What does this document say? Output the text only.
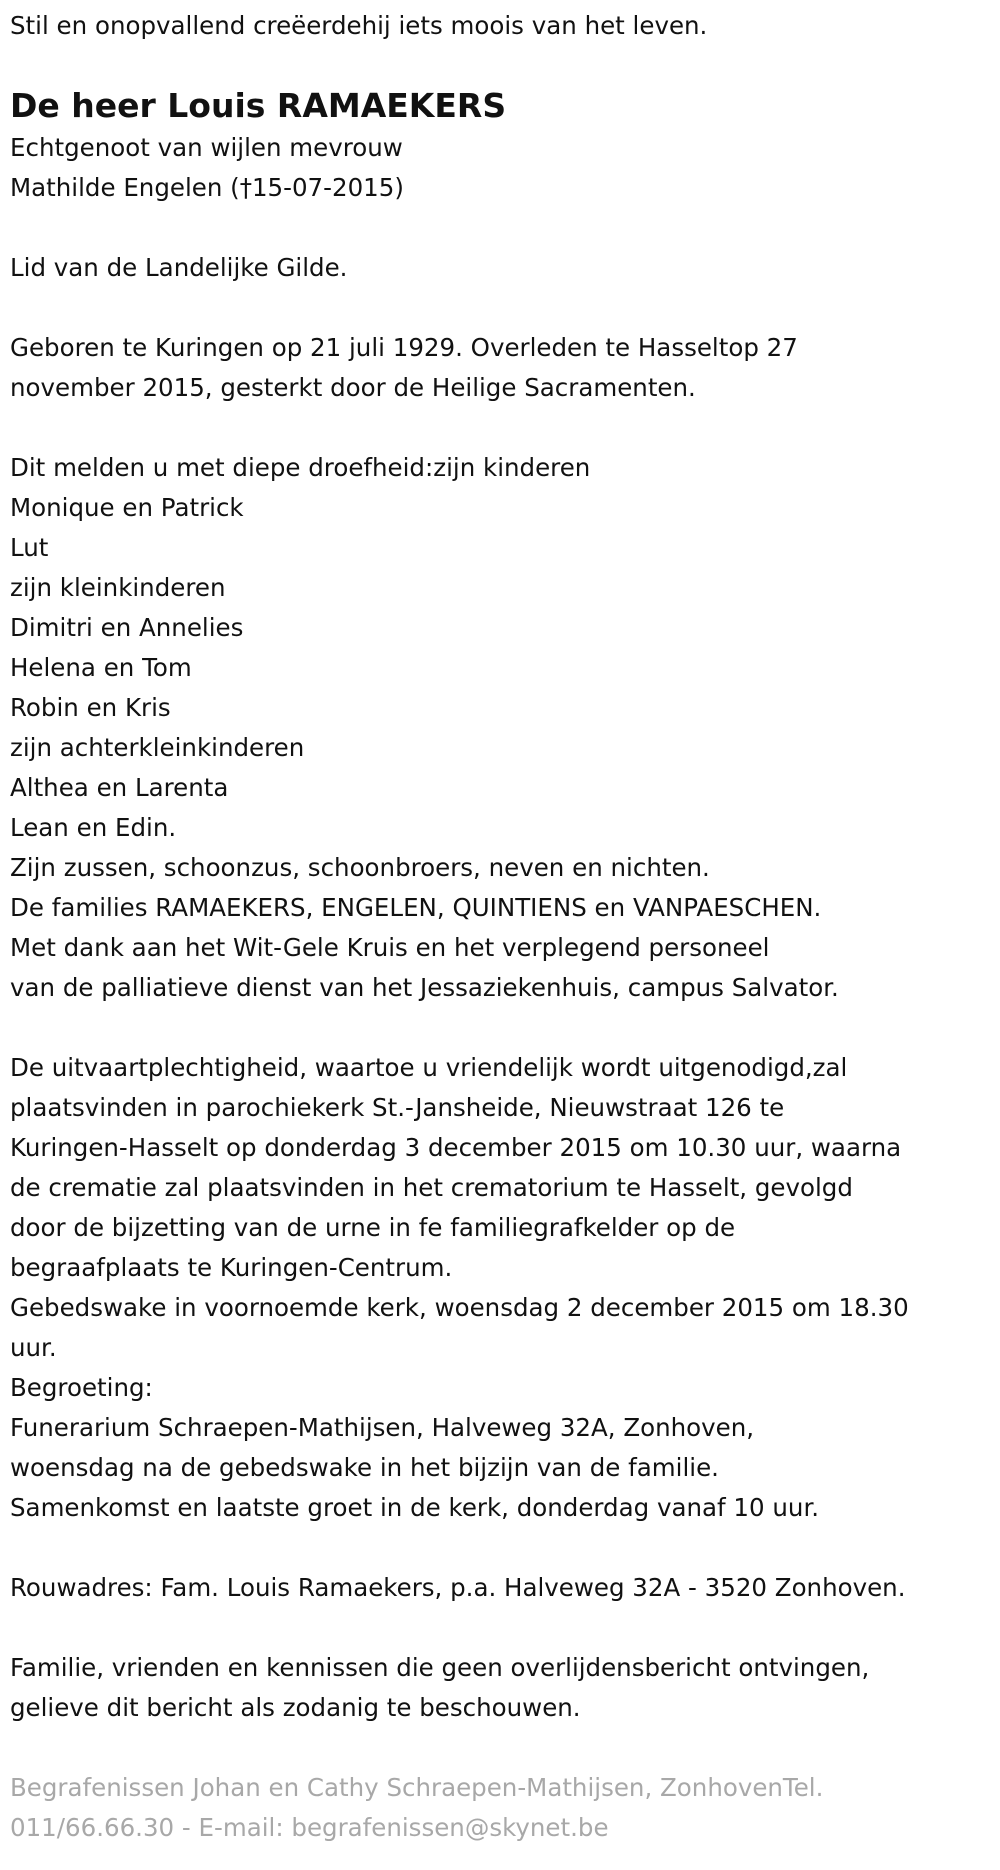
Stil en onopvallend creëerdehij iets moois van het leven.

De heer Louis RAMAEKERS

Echtgenoot van wijlen mevrouw

Mathilde Engelen (†15-07-2015)

Lid van de Landelijke Gilde.

Geboren te Kuringen op 21 juli 1929. Overleden te Hasseltop 27

november 2015, gesterkt door de Heilige Sacramenten.

Dit melden u met diepe droefheid:zijn kinderen

Monique en Patrick

Lut

zijn kleinkinderen

Dimitri en Annelies

Helena en Tom

Robin en Kris

zijn achterkleinkinderen

Althea en Larenta

Lean en Edin.

Zijn zussen, schoonzus, schoonbroers, neven en nichten.

De families RAMAEKERS, ENGELEN, QUINTIENS en VANPAESCHEN.

Met dank aan het Wit-Gele Kruis en het verplegend personeel

van de palliatieve dienst van het Jessaziekenhuis, campus Salvator.

De uitvaartplechtigheid, waartoe u vriendelijk wordt uitgenodigd,zal

plaatsvinden in parochiekerk St.-Jansheide, Nieuwstraat 126 te

Kuringen-Hasselt op donderdag 3 december 2015 om 10.30 uur, waarna

de crematie zal plaatsvinden in het crematorium te Hasselt, gevolgd

door de bijzetting van de urne in fe familiegrafkelder op de

begraafplaats te Kuringen-Centrum.

Gebedswake in voornoemde kerk, woensdag 2 december 2015 om 18.30

uur.

Begroeting:

Funerarium Schraepen-Mathijsen, Halveweg 32A, Zonhoven,

woensdag na de gebedswake in het bijzijn van de familie.

Samenkomst en laatste groet in de kerk, donderdag vanaf 10 uur.

Rouwadres: Fam. Louis Ramaekers, p.a. Halveweg 32A - 3520 Zonhoven.

Familie, vrienden en kennissen die geen overlijdensbericht ontvingen,

gelieve dit bericht als zodanig te beschouwen.

Begrafenissen Johan en Cathy Schraepen-Mathijsen, ZonhovenTel.

011/66.66.30 - E-mail: begrafenissen@skynet.be
